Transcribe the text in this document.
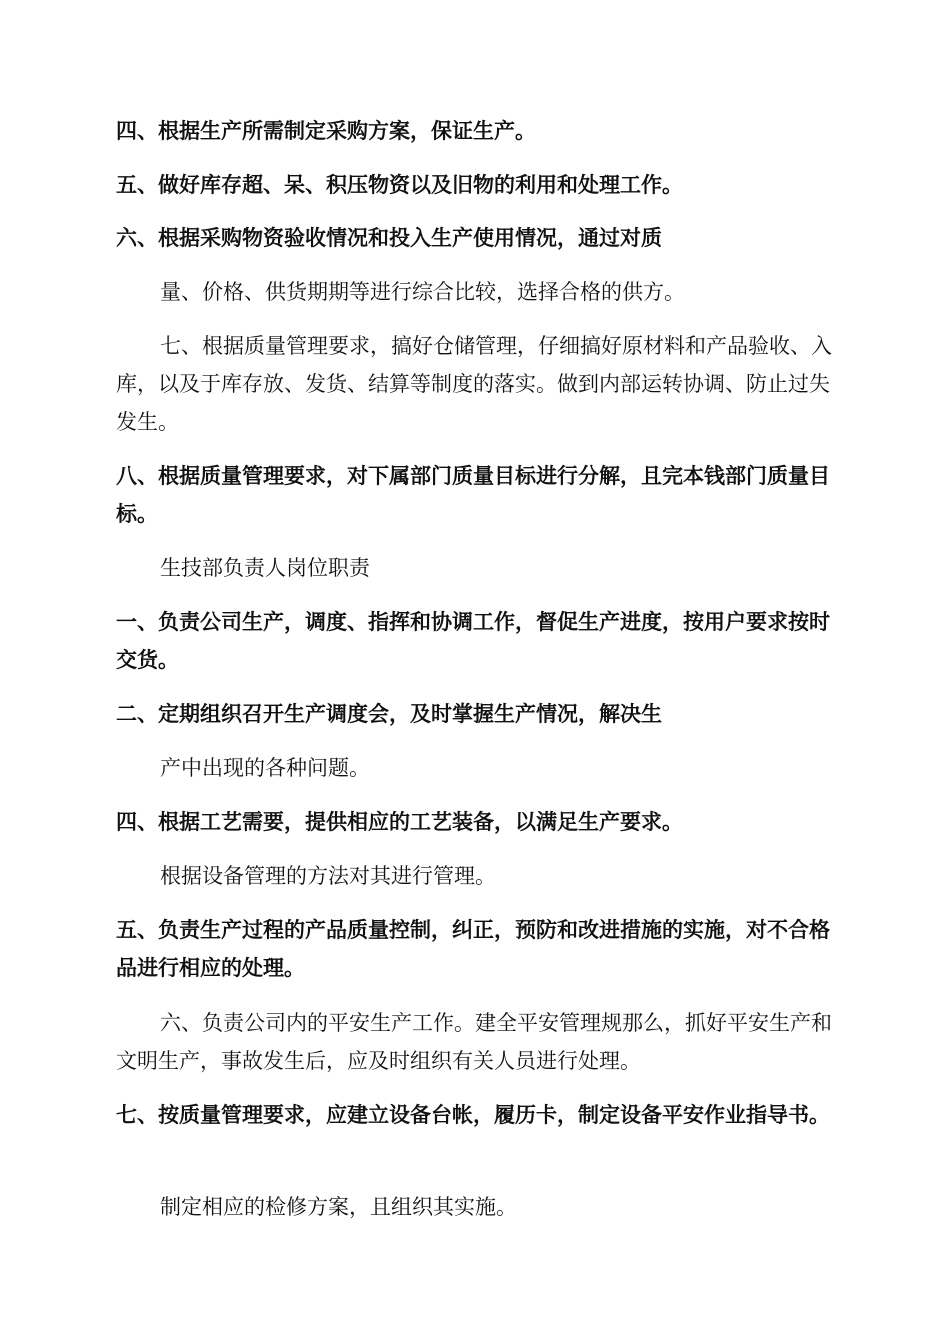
四、根据生产所需制定采购方案，保证生产。

五、做好库存超、呆、积压物资以及旧物的利用和处理工作。

六、根据采购物资验收情况和投入生产使用情况，通过对质

量、价格、供货期期等进行综合比较，选择合格的供方。

七、根据质量管理要求，搞好仓储管理，仔细搞好原材料和产品验收、入库，以及于库存放、发货、结算等制度的落实。做到内部运转协调、防止过失发生。

八、根据质量管理要求，对下属部门质量目标进行分解，且完本钱部门质量目标。

生技部负责人岗位职责

一、负责公司生产，调度、指挥和协调工作，督促生产进度，按用户要求按时交货。

二、定期组织召开生产调度会，及时掌握生产情况，解决生

产中出现的各种问题。

四、根据工艺需要，提供相应的工艺装备，以满足生产要求。

根据设备管理的方法对其进行管理。

五、负责生产过程的产品质量控制，纠正，预防和改进措施的实施，对不合格品进行相应的处理。

六、负责公司内的平安生产工作。建全平安管理规那么，抓好平安生产和文明生产，事故发生后，应及时组织有关人员进行处理。

七、按质量管理要求，应建立设备台帐，履历卡，制定设备平安作业指导书。

制定相应的检修方案，且组织其实施。
